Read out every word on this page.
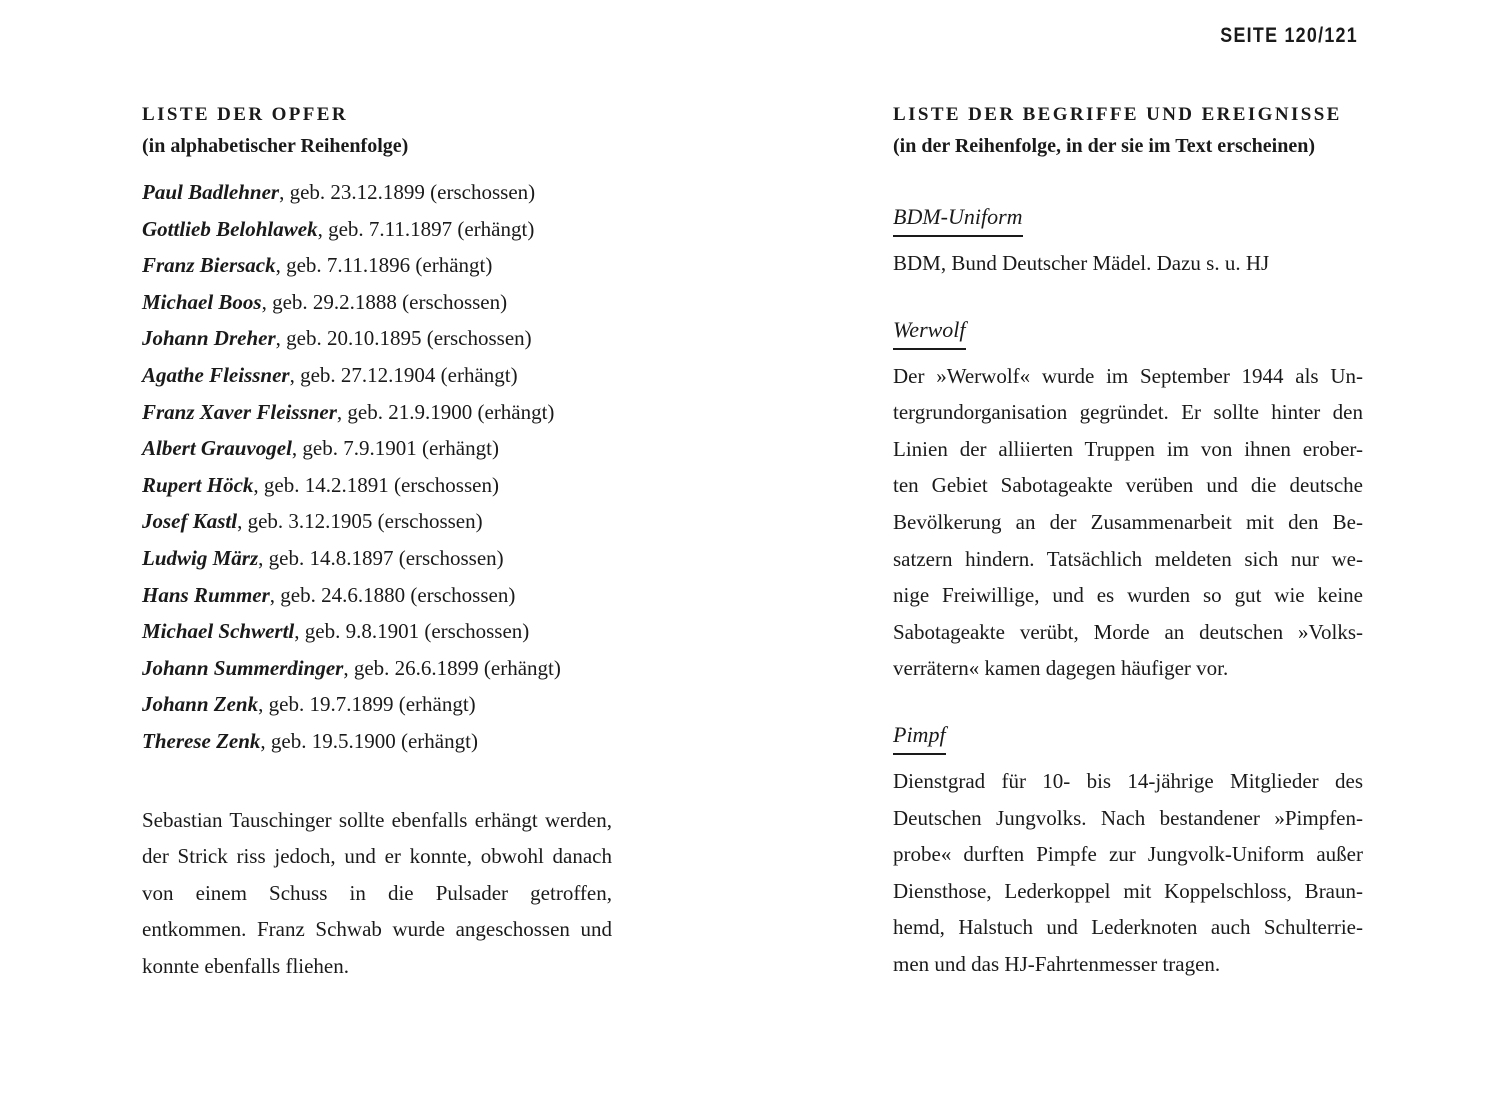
SEITE 120/121
LISTE DER OPFER
(in alphabetischer Reihenfolge)
Paul Badlehner, geb. 23.12.1899 (erschossen)
Gottlieb Belohlawek, geb. 7.11.1897 (erhängt)
Franz Biersack, geb. 7.11.1896 (erhängt)
Michael Boos, geb. 29.2.1888 (erschossen)
Johann Dreher, geb. 20.10.1895 (erschossen)
Agathe Fleissner, geb. 27.12.1904 (erhängt)
Franz Xaver Fleissner, geb. 21.9.1900 (erhängt)
Albert Grauvogel, geb. 7.9.1901 (erhängt)
Rupert Höck, geb. 14.2.1891 (erschossen)
Josef Kastl, geb. 3.12.1905 (erschossen)
Ludwig März, geb. 14.8.1897 (erschossen)
Hans Rummer, geb. 24.6.1880 (erschossen)
Michael Schwertl, geb. 9.8.1901 (erschossen)
Johann Summerdinger, geb. 26.6.1899 (erhängt)
Johann Zenk, geb. 19.7.1899 (erhängt)
Therese Zenk, geb. 19.5.1900 (erhängt)

Sebastian Tauschinger sollte ebenfalls erhängt werden, der Strick riss jedoch, und er konnte, obwohl danach von einem Schuss in die Pulsader getroffen, entkommen. Franz Schwab wurde angeschossen und konnte ebenfalls fliehen.

LISTE DER BEGRIFFE UND EREIGNISSE
(in der Reihenfolge, in der sie im Text erscheinen)
BDM-Uniform
BDM, Bund Deutscher Mädel. Dazu s. u. HJ
Werwolf
Der »Werwolf« wurde im September 1944 als Un-
tergrundorganisation gegründet. Er sollte hinter den
Linien der alliierten Truppen im von ihnen erober-
ten Gebiet Sabotageakte verüben und die deutsche
Bevölkerung an der Zusammenarbeit mit den Be-
satzern hindern. Tatsächlich meldeten sich nur we-
nige Freiwillige, und es wurden so gut wie keine
Sabotageakte verübt, Morde an deutschen »Volks-
verrätern« kamen dagegen häufiger vor.
Pimpf
Dienstgrad für 10- bis 14-jährige Mitglieder des
Deutschen Jungvolks. Nach bestandener »Pimpfen-
probe« durften Pimpfe zur Jungvolk-Uniform außer
Diensthose, Lederkoppel mit Koppelschloss, Braun-
hemd, Halstuch und Lederknoten auch Schulterrie-
men und das HJ-Fahrtenmesser tragen.
